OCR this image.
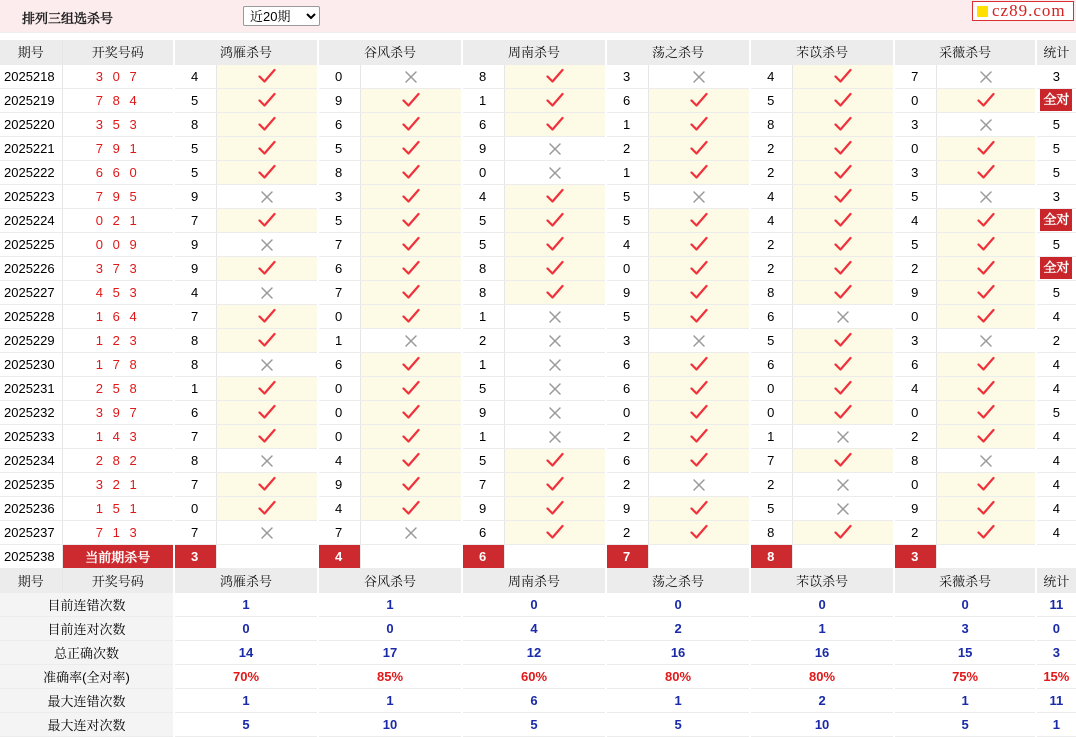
排列三组选杀号
近20期	cz89.com
期号	开奖号码	鸿雁杀号		谷风杀号		周南杀号		荡之杀号		芣苡杀号		采薇杀号		统计
2025218	3 0 7	4		0		8		3		4		7		3
2025219	7 8 4	5		9		1		6		5		0		全对
2025220	3 5 3	8		6		6		1		8		3		5
2025221	7 9 1	5		5		9		2		2		0		5
2025222	6 6 0	5		8		0		1		2		3		5
2025223	7 9 5	9		3		4		5		4		5		3
2025224	0 2 1	7		5		5		5		4		4		全对
2025225	0 0 9	9		7		5		4		2		5		5
2025226	3 7 3	9		6		8		0		2		2		全对
2025227	4 5 3	4		7		8		9		8		9		5
2025228	1 6 4	7		0		1		5		6		0		4
2025229	1 2 3	8		1		2		3		5		3		2
2025230	1 7 8	8		6		1		6		6		6		4
2025231	2 5 8	1		0		5		6		0		4		4
2025232	3 9 7	6		0		9		0		0		0		5
2025233	1 4 3	7		0		1		2		1		2		4
2025234	2 8 2	8		4		5		6		7		8		4
2025235	3 2 1	7		9		7		2		2		0		4
2025236	1 5 1	0		4		9		9		5		9		4
2025237	7 1 3	7		7		6		2		8		2		4
2025238	当前期杀号	3		4		6		7		8		3		
期号	开奖号码	鸿雁杀号		谷风杀号		周南杀号		荡之杀号		芣苡杀号		采薇杀号		统计
目前连错次数		1		1		0		0		0		0		11
目前连对次数		0		0		4		2		1		3		0
总正确次数		14		17		12		16		16		15		3
准确率(全对率)		70%		85%		60%		80%		80%		75%		15%
最大连错次数		1		1		6		1		2		1		11
最大连对次数		5		10		5		5		10		5		1
